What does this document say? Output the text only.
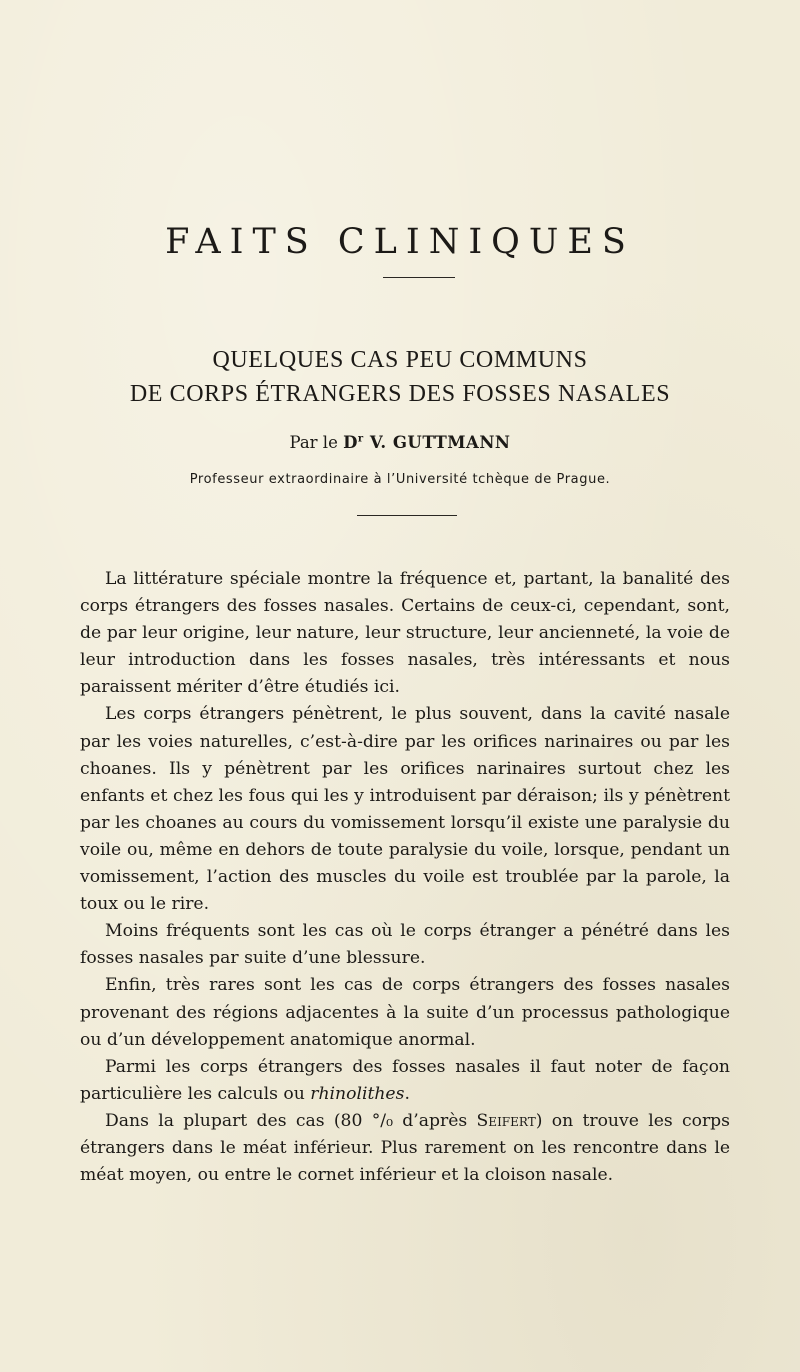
FAITS CLINIQUES
QUELQUES CAS PEU COMMUNS
DE CORPS ÉTRANGERS DES FOSSES NASALES

Par le $D^r$ V. GUTTMANN

Professeur extraordinaire à l’Université tchèque de Prague.

La littérature spéciale montre la fréquence et, partant, la banalité des corps étrangers des fosses nasales. Certains de ceux-ci, cependant, sont, de par leur origine, leur nature, leur structure, leur ancienneté, la voie de leur introduction dans les fosses nasales, très intéressants et nous paraissent mériter d’être étudiés ici.

Les corps étrangers pénètrent, le plus souvent, dans la cavité nasale par les voies naturelles, c’est-à-dire par les orifices narinaires ou par les choanes. Ils y pénètrent par les orifices narinaires surtout chez les enfants et chez les fous qui les y introduisent par déraison; ils y pénètrent par les choanes au cours du vomissement lorsqu’il existe une paralysie du voile ou, même en dehors de toute paralysie du voile, lorsque, pendant un vomissement, l’action des muscles du voile est troublée par la parole, la toux ou le rire.

Moins fréquents sont les cas où le corps étranger a pénétré dans les fosses nasales par suite d’une blessure.

Enfin, très rares sont les cas de corps étrangers des fosses nasales provenant des régions adjacentes à la suite d’un processus pathologique ou d’un développement anatomique anormal.

Parmi les corps étrangers des fosses nasales il faut noter de façon particulière les calculs ou rhinolithes.

Dans la plupart des cas (80 °/₀ d’après Seifert) on trouve les corps étrangers dans le méat inférieur. Plus rarement on les rencontre dans le méat moyen, ou entre le cornet inférieur et la cloison nasale.
